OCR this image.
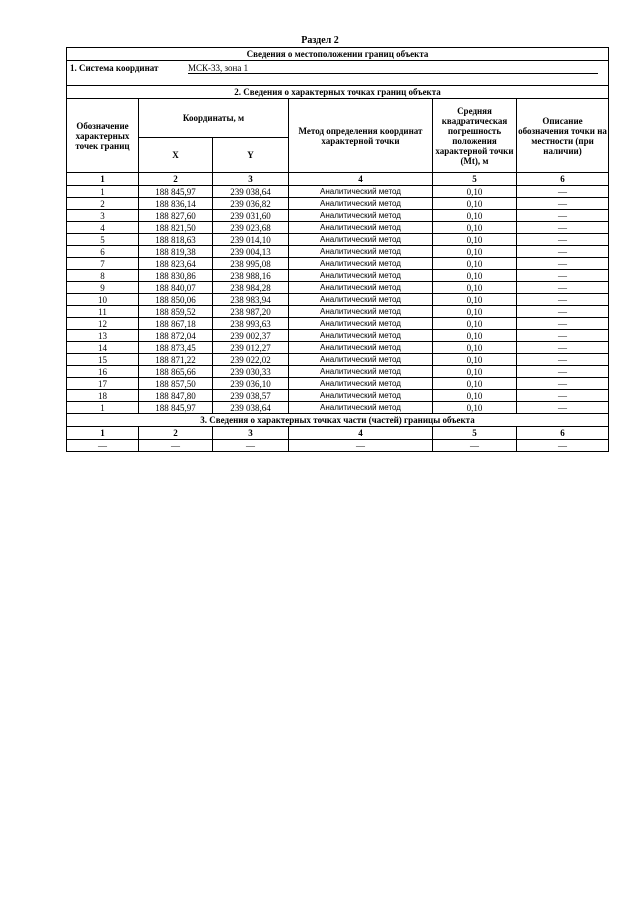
Раздел 2
Сведения о местоположении границ объекта					
1. Система координат МСК-33, зона 1					

2. Сведения о характерных точках границ объекта					
Обозначение характерных точек границ	Координаты, м		Метод определения координат характерной точки	Средняя квадратическая погрешность положения характерной точки (Mt), м	Описание обозначения точки на местности (при наличии)
	X	Y			
1	2	3	4	5	6
1	188 845,97	239 038,64	Аналитический метод	0,10	—
2	188 836,14	239 036,82	Аналитический метод	0,10	—
3	188 827,60	239 031,60	Аналитический метод	0,10	—
4	188 821,50	239 023,68	Аналитический метод	0,10	—
5	188 818,63	239 014,10	Аналитический метод	0,10	—
6	188 819,38	239 004,13	Аналитический метод	0,10	—
7	188 823,64	238 995,08	Аналитический метод	0,10	—
8	188 830,86	238 988,16	Аналитический метод	0,10	—
9	188 840,07	238 984,28	Аналитический метод	0,10	—
10	188 850,06	238 983,94	Аналитический метод	0,10	—
11	188 859,52	238 987,20	Аналитический метод	0,10	—
12	188 867,18	238 993,63	Аналитический метод	0,10	—
13	188 872,04	239 002,37	Аналитический метод	0,10	—
14	188 873,45	239 012,27	Аналитический метод	0,10	—
15	188 871,22	239 022,02	Аналитический метод	0,10	—
16	188 865,66	239 030,33	Аналитический метод	0,10	—
17	188 857,50	239 036,10	Аналитический метод	0,10	—
18	188 847,80	239 038,57	Аналитический метод	0,10	—
1	188 845,97	239 038,64	Аналитический метод	0,10	—
3. Сведения о характерных точках части (частей) границы объекта					
1	2	3	4	5	6
—	—	—	—	—	—
